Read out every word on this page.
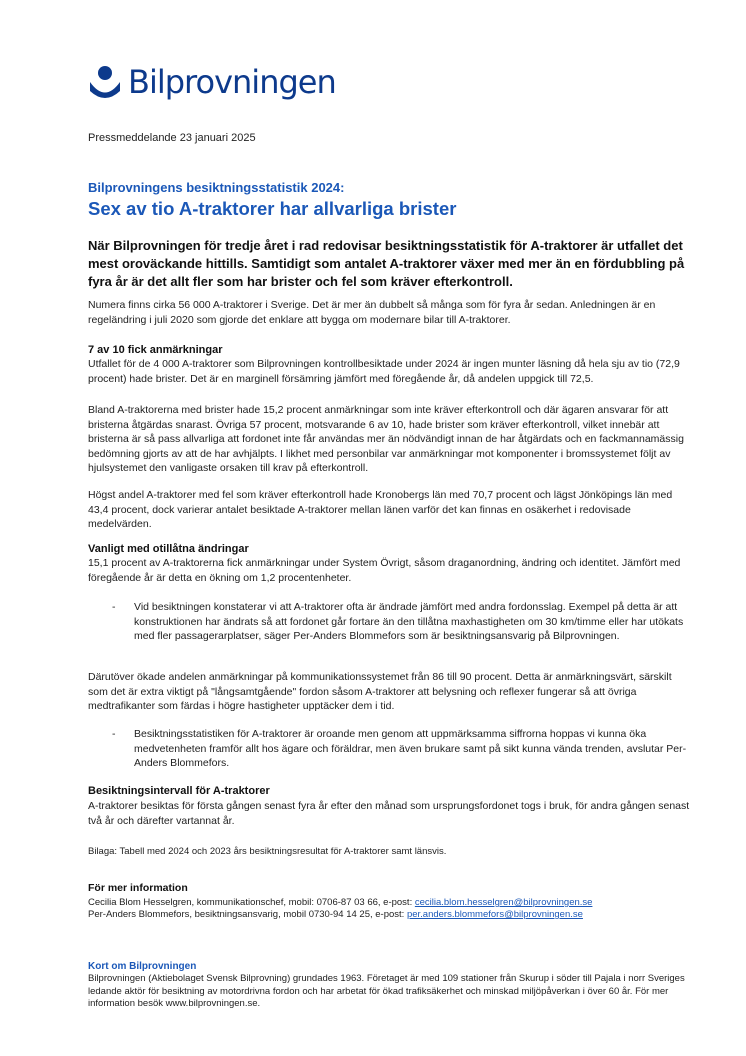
Bilprovningen
Pressmeddelande 23 januari 2025
Bilprovningens besiktningsstatistik 2024:
Sex av tio A-traktorer har allvarliga brister
När Bilprovningen för tredje året i rad redovisar besiktningsstatistik för A-traktorer är utfallet det mest oroväckande hittills. Samtidigt som antalet A-traktorer växer med mer än en fördubbling på fyra år är det allt fler som har brister och fel som kräver efterkontroll.
Numera finns cirka 56 000 A-traktorer i Sverige. Det är mer än dubbelt så många som för fyra år sedan. Anledningen är en regeländring i juli 2020 som gjorde det enklare att bygga om modernare bilar till A-traktorer.
7 av 10 fick anmärkningar
Utfallet för de 4 000 A-traktorer som Bilprovningen kontrollbesiktade under 2024 är ingen munter läsning då hela sju av tio (72,9 procent) hade brister. Det är en marginell försämring jämfört med föregående år, då andelen uppgick till 72,5.
Bland A-traktorerna med brister hade 15,2 procent anmärkningar som inte kräver efterkontroll och där ägaren ansvarar för att bristerna åtgärdas snarast. Övriga 57 procent, motsvarande 6 av 10, hade brister som kräver efterkontroll, vilket innebär att bristerna är så pass allvarliga att fordonet inte får användas mer än nödvändigt innan de har åtgärdats och en fackmannamässig bedömning gjorts av att de har avhjälpts. I likhet med personbilar var anmärkningar mot komponenter i bromssystemet följt av hjulsystemet den vanligaste orsaken till krav på efterkontroll.
Högst andel A-traktorer med fel som kräver efterkontroll hade Kronobergs län med 70,7 procent och lägst Jönköpings län med 43,4 procent, dock varierar antalet besiktade A-traktorer mellan länen varför det kan finnas en osäkerhet i redovisade medelvärden.
Vanligt med otillåtna ändringar
15,1 procent av A-traktorerna fick anmärkningar under System Övrigt, såsom draganordning, ändring och identitet. Jämfört med föregående år är detta en ökning om 1,2 procentenheter.
- Vid besiktningen konstaterar vi att A-traktorer ofta är ändrade jämfört med andra fordonsslag. Exempel på detta är att konstruktionen har ändrats så att fordonet går fortare än den tillåtna maxhastigheten om 30 km/timme eller har utökats med fler passagerarplatser, säger Per-Anders Blommefors som är besiktningsansvarig på Bilprovningen.
Därutöver ökade andelen anmärkningar på kommunikationssystemet från 86 till 90 procent. Detta är anmärkningsvärt, särskilt som det är extra viktigt på "långsamtgående" fordon såsom A-traktorer att belysning och reflexer fungerar så att övriga medtrafikanter som färdas i högre hastigheter upptäcker dem i tid.
- Besiktningsstatistiken för A-traktorer är oroande men genom att uppmärksamma siffrorna hoppas vi kunna öka medvetenheten framför allt hos ägare och föräldrar, men även brukare samt på sikt kunna vända trenden, avslutar Per-Anders Blommefors.
Besiktningsintervall för A-traktorer
A-traktorer besiktas för första gången senast fyra år efter den månad som ursprungsfordonet togs i bruk, för andra gången senast två år och därefter vartannat år.
Bilaga: Tabell med 2024 och 2023 års besiktningsresultat för A-traktorer samt länsvis.
För mer information
Cecilia Blom Hesselgren, kommunikationschef, mobil: 0706-87 03 66, e-post: cecilia.blom.hesselgren@bilprovningen.se
Per-Anders Blommefors, besiktningsansvarig, mobil 0730-94 14 25, e-post: per.anders.blommefors@bilprovningen.se
Kort om Bilprovningen
Bilprovningen (Aktiebolaget Svensk Bilprovning) grundades 1963. Företaget är med 109 stationer från Skurup i söder till Pajala i norr Sveriges ledande aktör för besiktning av motordrivna fordon och har arbetat för ökad trafiksäkerhet och minskad miljöpåverkan i över 60 år. För mer information besök www.bilprovningen.se.
